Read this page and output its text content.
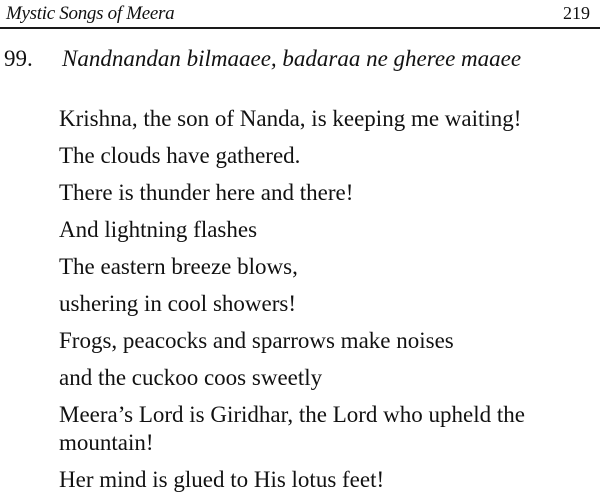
Mystic Songs of Meera	219
99. Nandnandan bilmaaee, badaraa ne gheree maaee
Krishna, the son of Nanda, is keeping me waiting!
The clouds have gathered.
There is thunder here and there!
And lightning flashes
The eastern breeze blows,
ushering in cool showers!
Frogs, peacocks and sparrows make noises
and the cuckoo coos sweetly
Meera’s Lord is Giridhar, the Lord who upheld the mountain!
Her mind is glued to His lotus feet!
